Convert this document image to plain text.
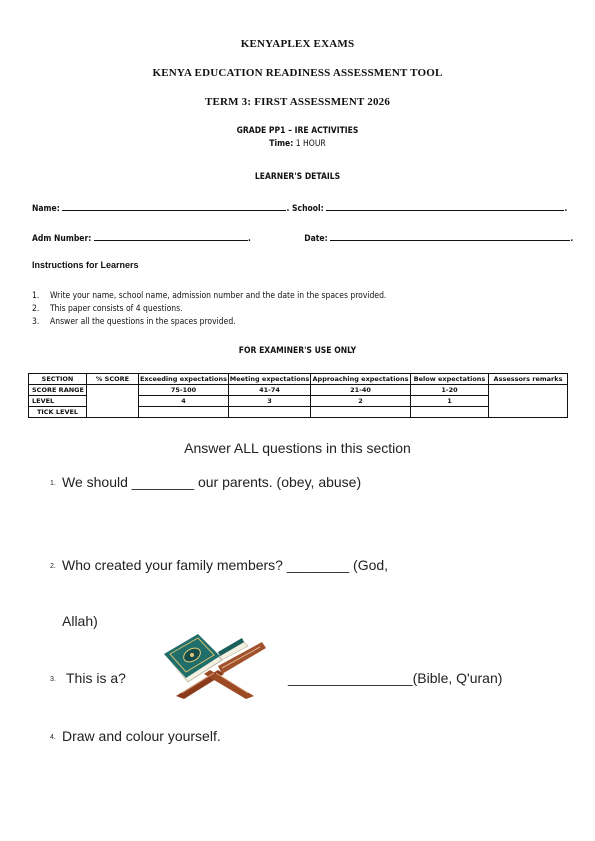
KENYAPLEX EXAMS
KENYA EDUCATION READINESS ASSESSMENT TOOL
TERM 3: FIRST ASSESSMENT 2026
GRADE PP1 – IRE ACTIVITIES
Time: 1 HOUR
LEARNER'S DETAILS
Name:	. School:	.
Adm Number:	.	Date:	.
Instructions for Learners
1. Write your name, school name, admission number and the date in the spaces provided.
2. This paper consists of 4 questions.
3. Answer all the questions in the spaces provided.
FOR EXAMINER'S USE ONLY
SECTION	% SCORE	Exceeding expectations	Meeting expectations	Approaching expectations	Below expectations	Assessors remarks
SCORE RANGE		75-100	41-74	21-40	1-20	
LEVEL		4	3	2	1	
TICK LEVEL						
Answer ALL questions in this section
1. We should ________ our parents. (obey, abuse)
2. Who created your family members? ________ (God,
Allah)
3. This is a?	________________(Bible, Q'uran)
4. Draw and colour yourself.
